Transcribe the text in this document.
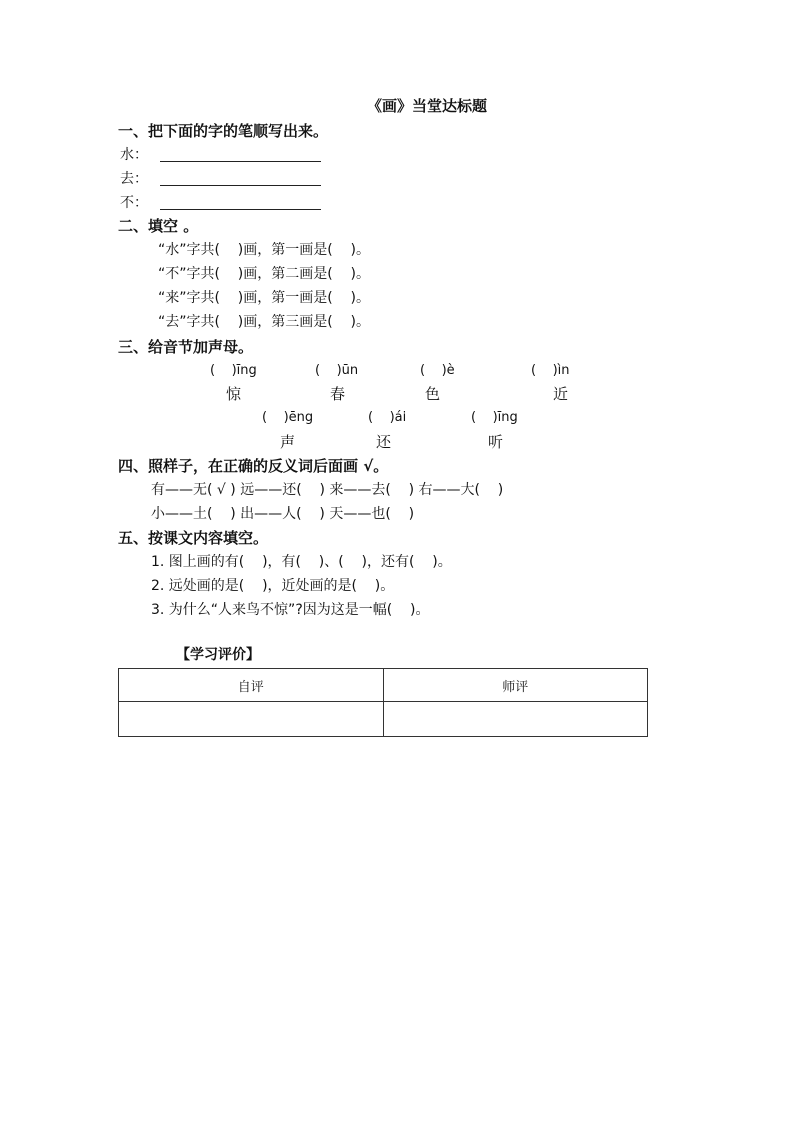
《画》当堂达标题
一、把下面的字的笔顺写出来。
水：
去：
不：
二、填空 。
“水”字共(    )画，第一画是(    )。
“不”字共(    )画，第二画是(    )。
“来”字共(    )画，第一画是(    )。
“去”字共(    )画，第三画是(    )。
三、给音节加声母。
(    )īng	(    )ūn	(    )è	(    )ìn
惊	春	色	近
(    )ēng	(    )ái	(    )īng
声	还	听
四、照样子，在正确的反义词后面画 √。
有——无( √ ) 远——还(    ) 来——去(    ) 右——大(    )
小——土(    ) 出——人(    ) 天——也(    )
五、按课文内容填空。
1. 图上画的有(    )，有(    )、(    )，还有(    )。
2. 远处画的是(    )，近处画的是(    )。
3. 为什么“人来鸟不惊”?因为这是一幅(    )。
【学习评价】
自评	师评
